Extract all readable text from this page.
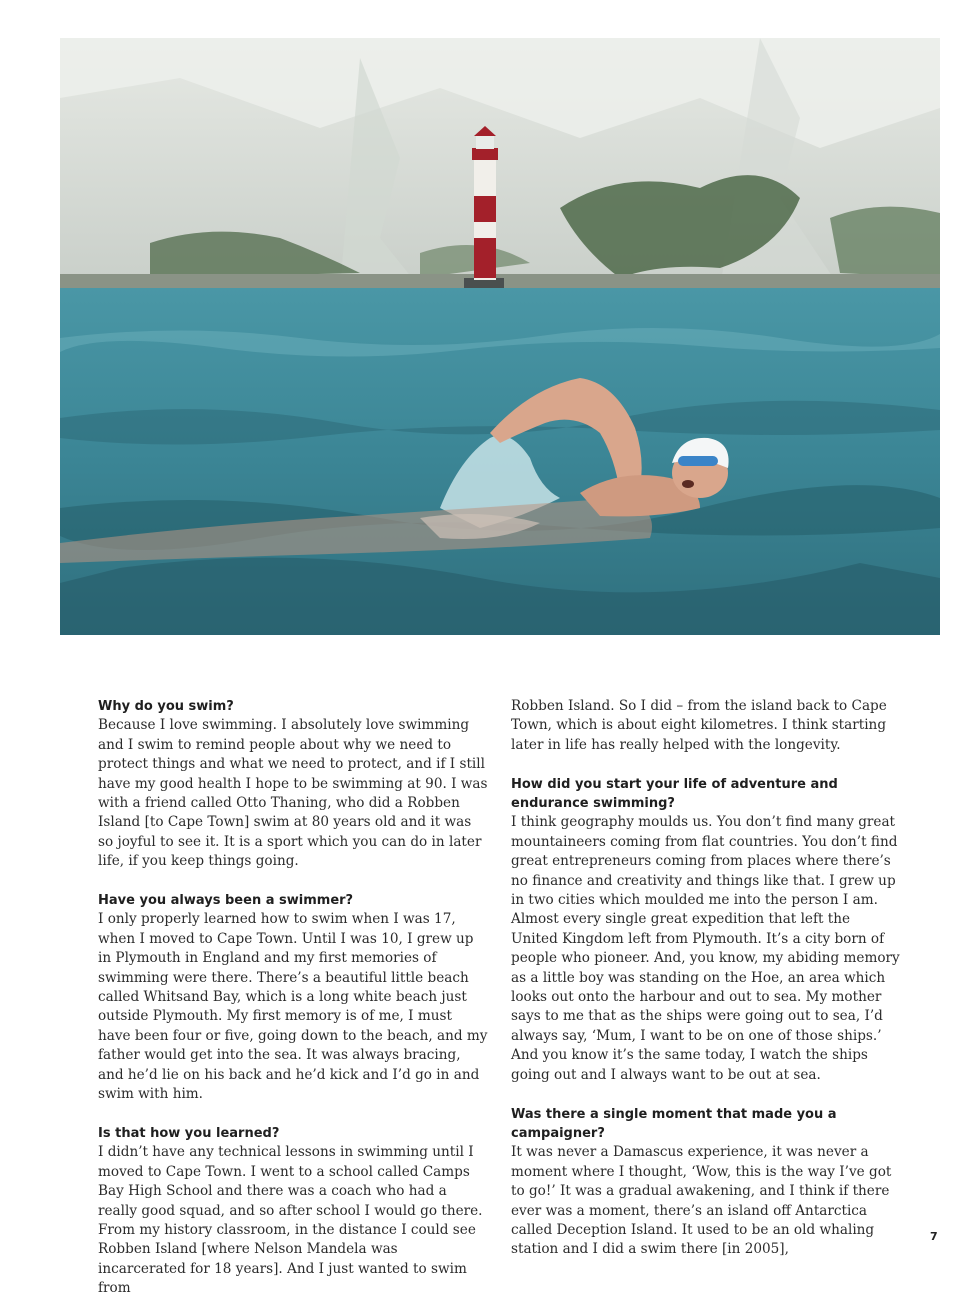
Why do you swim?

Because I love swimming. I absolutely love swimming and I swim to remind people about why we need to protect things and what we need to protect, and if I still have my good health I hope to be swimming at 90. I was with a friend called Otto Thaning, who did a Robben Island [to Cape Town] swim at 80 years old and it was so joyful to see it. It is a sport which you can do in later life, if you keep things going.

Have you always been a swimmer?

I only properly learned how to swim when I was 17, when I moved to Cape Town. Until I was 10, I grew up in Plymouth in England and my first memories of swimming were there. There’s a beautiful little beach called Whitsand Bay, which is a long white beach just outside Plymouth. My first memory is of me, I must have been four or five, going down to the beach, and my father would get into the sea. It was always bracing, and he’d lie on his back and he’d kick and I’d go in and swim with him.

Is that how you learned?

I didn’t have any technical lessons in swimming until I moved to Cape Town. I went to a school called Camps Bay High School and there was a coach who had a really good squad, and so after school I would go there. From my history classroom, in the distance I could see Robben Island [where Nelson Mandela was incarcerated for 18 years]. And I just wanted to swim from

Robben Island. So I did – from the island back to Cape Town, which is about eight kilometres. I think starting later in life has really helped with the longevity.

How did you start your life of adventure and endurance swimming?

I think geography moulds us. You don’t find many great mountaineers coming from flat countries. You don’t find great entrepreneurs coming from places where there’s no finance and creativity and things like that. I grew up in two cities which moulded me into the person I am. Almost every single great expedition that left the United Kingdom left from Plymouth. It’s a city born of people who pioneer. And, you know, my abiding memory as a little boy was standing on the Hoe, an area which looks out onto the harbour and out to sea. My mother says to me that as the ships were going out to sea, I’d always say, ‘Mum, I want to be on one of those ships.’ And you know it’s the same today, I watch the ships going out and I always want to be out at sea.

Was there a single moment that made you a campaigner?

It was never a Damascus experience, it was never a moment where I thought, ‘Wow, this is the way I’ve got to go!’ It was a gradual awakening, and I think if there ever was a moment, there’s an island off Antarctica called Deception Island. It used to be an old whaling station and I did a swim there [in 2005],

7
